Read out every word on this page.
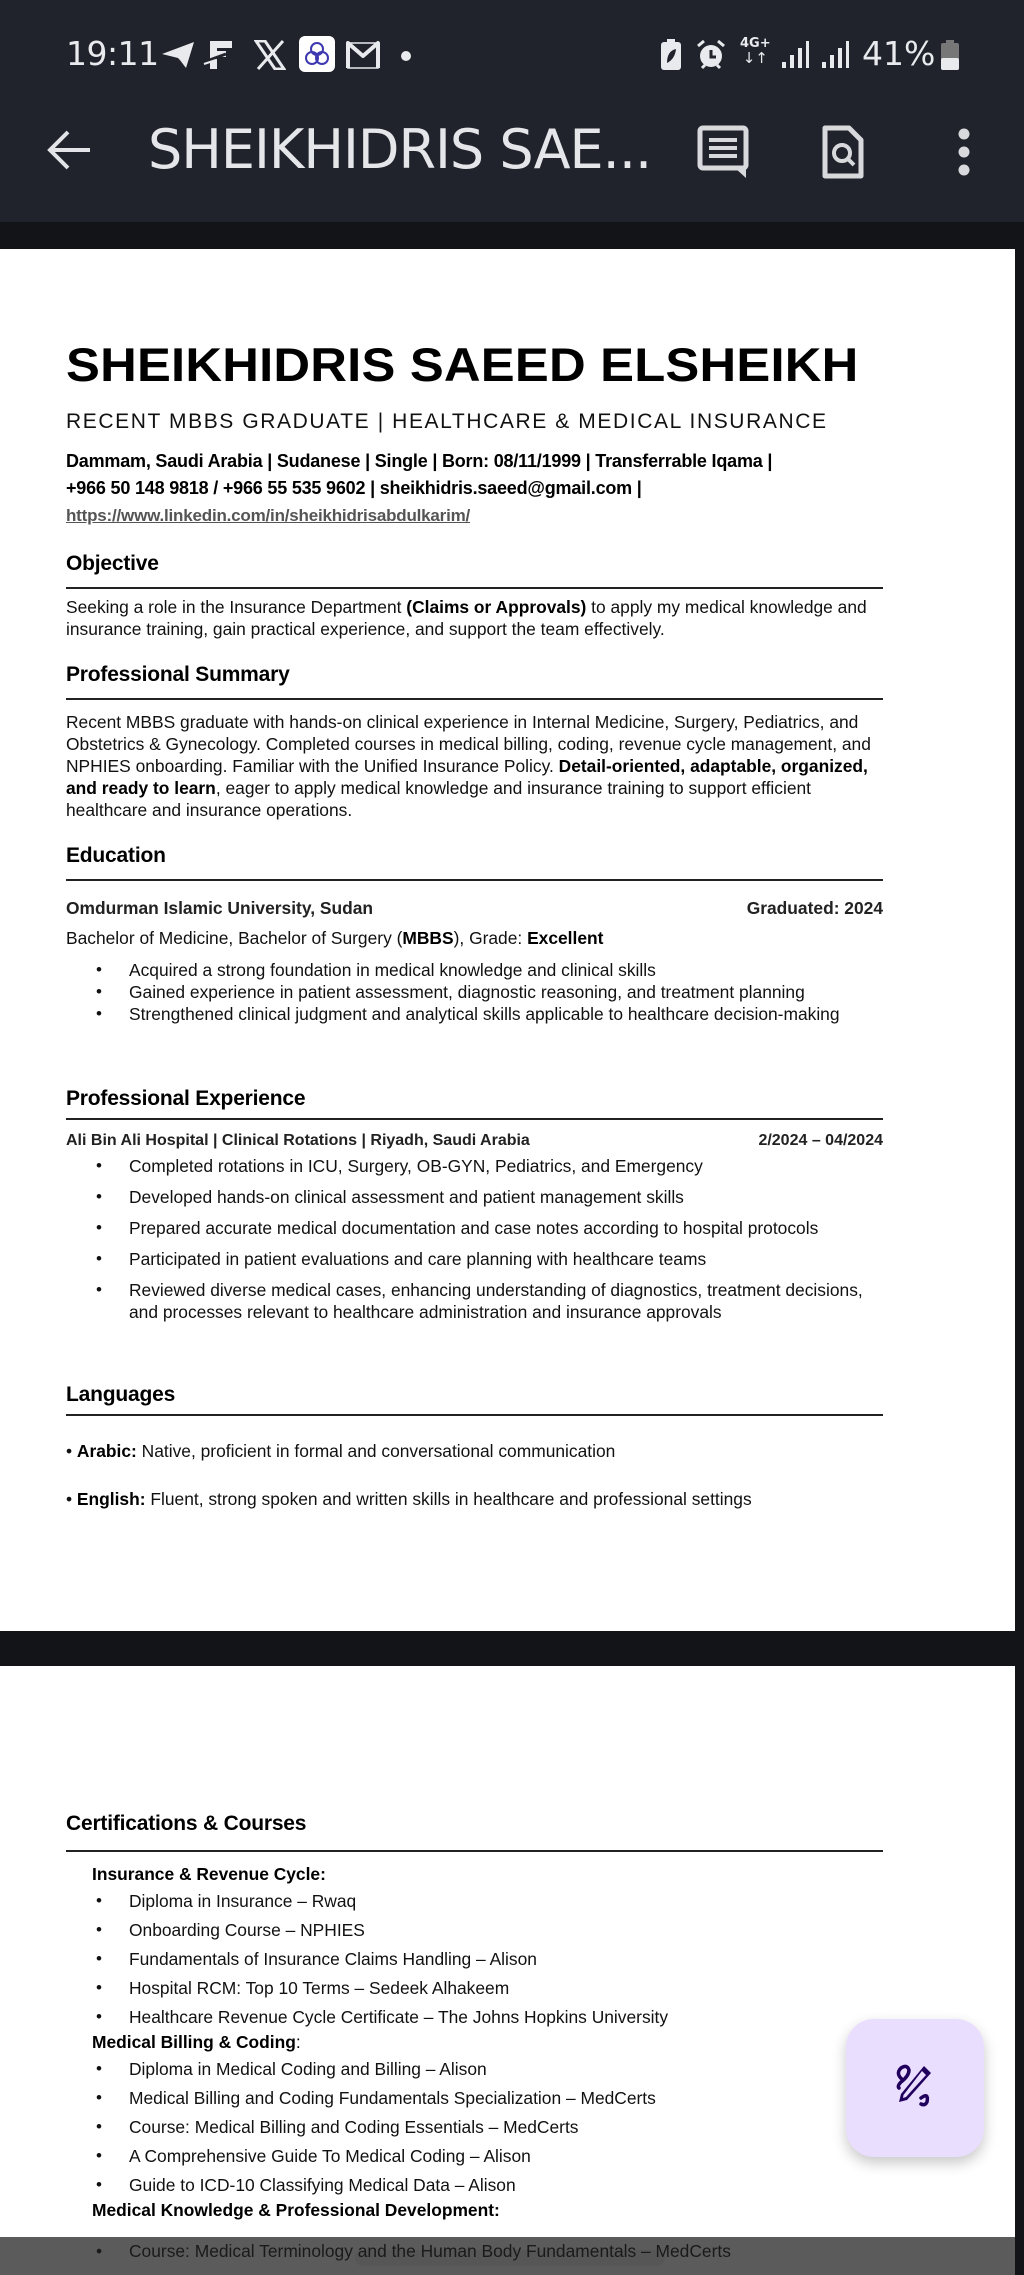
19:11	4G+
↓↑	41%
SHEIKHIDRIS SAE...
SHEIKHIDRIS SAEED ELSHEIKH
RECENT MBBS GRADUATE | HEALTHCARE & MEDICAL INSURANCE
Dammam, Saudi Arabia | Sudanese | Single | Born: 08/11/1999 | Transferrable Iqama |
+966 50 148 9818 / +966 55 535 9602 | sheikhidris.saeed@gmail.com |
https://www.linkedin.com/in/sheikhidrisabdulkarim/
Objective
Seeking a role in the Insurance Department (Claims or Approvals) to apply my medical knowledge and insurance training, gain practical experience, and support the team effectively.
Professional Summary
Recent MBBS graduate with hands-on clinical experience in Internal Medicine, Surgery, Pediatrics, and Obstetrics & Gynecology. Completed courses in medical billing, coding, revenue cycle management, and NPHIES onboarding. Familiar with the Unified Insurance Policy. Detail-oriented, adaptable, organized, and ready to learn, eager to apply medical knowledge and insurance training to support efficient healthcare and insurance operations.
Education
Omdurman Islamic University, Sudan	Graduated: 2024
Bachelor of Medicine, Bachelor of Surgery (MBBS), Grade: Excellent
• Acquired a strong foundation in medical knowledge and clinical skills
• Gained experience in patient assessment, diagnostic reasoning, and treatment planning
• Strengthened clinical judgment and analytical skills applicable to healthcare decision-making
Professional Experience
Ali Bin Ali Hospital | Clinical Rotations | Riyadh, Saudi Arabia	2/2024 – 04/2024
• Completed rotations in ICU, Surgery, OB-GYN, Pediatrics, and Emergency
• Developed hands-on clinical assessment and patient management skills
• Prepared accurate medical documentation and case notes according to hospital protocols
• Participated in patient evaluations and care planning with healthcare teams
• Reviewed diverse medical cases, enhancing understanding of diagnostics, treatment decisions, and processes relevant to healthcare administration and insurance approvals
Languages
• Arabic: Native, proficient in formal and conversational communication
• English: Fluent, strong spoken and written skills in healthcare and professional settings
Certifications & Courses
Insurance & Revenue Cycle:
• Diploma in Insurance – Rwaq
• Onboarding Course – NPHIES
• Fundamentals of Insurance Claims Handling – Alison
• Hospital RCM: Top 10 Terms – Sedeek Alhakeem
• Healthcare Revenue Cycle Certificate – The Johns Hopkins University
Medical Billing & Coding:
• Diploma in Medical Coding and Billing – Alison
• Medical Billing and Coding Fundamentals Specialization – MedCerts
• Course: Medical Billing and Coding Essentials – MedCerts
• A Comprehensive Guide To Medical Coding – Alison
• Guide to ICD-10 Classifying Medical Data – Alison
Medical Knowledge & Professional Development:
• Course: Medical Terminology and the Human Body Fundamentals – MedCerts
